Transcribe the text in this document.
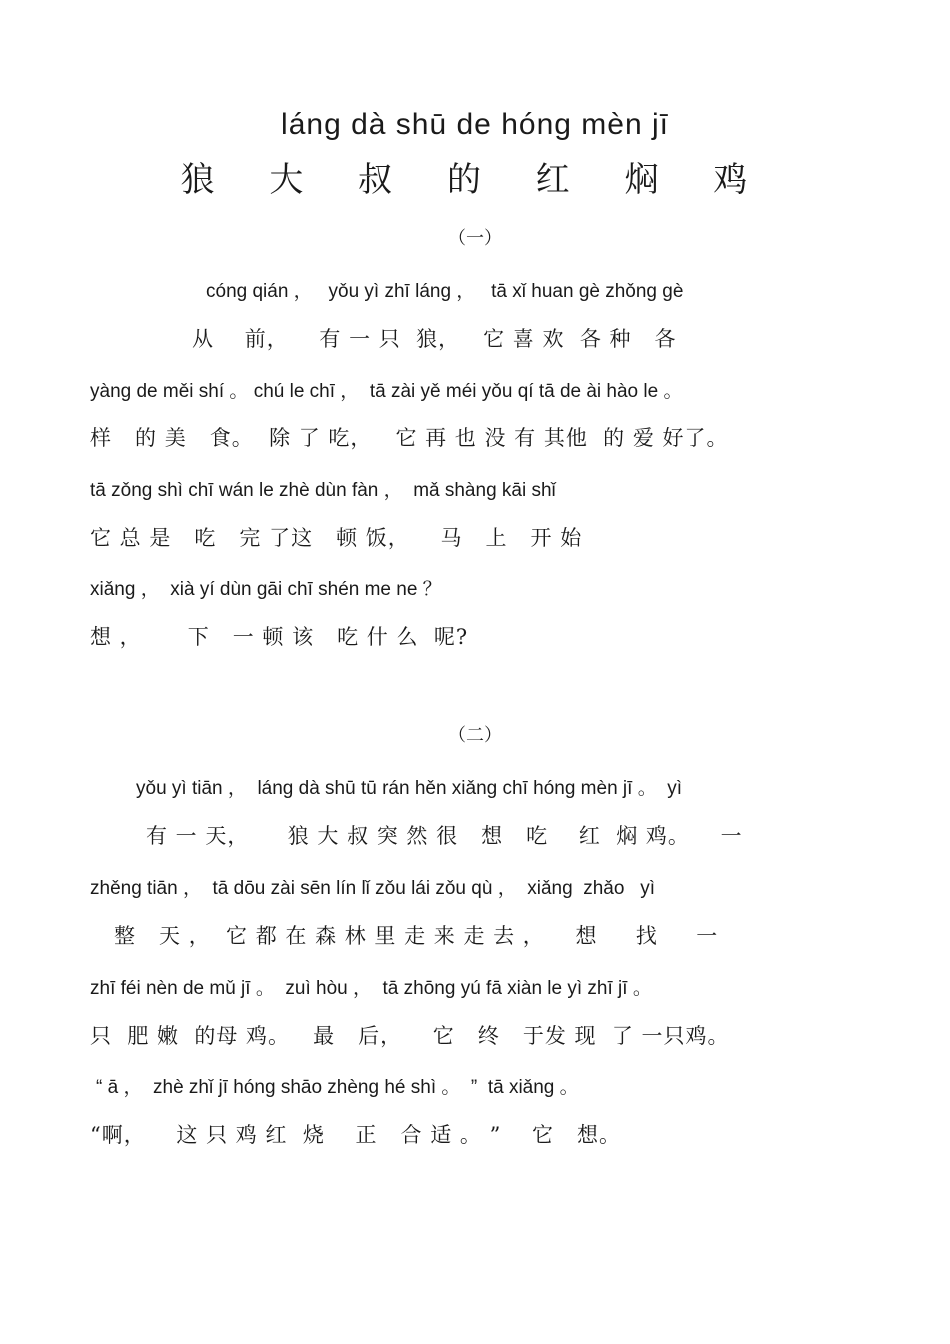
láng dà shū de hóng mèn jī
狼 大 叔 的 红 焖 鸡
（一）
cóng qián ，   yǒu yì zhī láng ，   tā xǐ huan gè zhǒng gè
从    前，    有 一 只  狼，   它 喜 欢  各 种   各
yàng de měi shí 。 chú le chī ，  tā zài yě méi yǒu qí tā de ài hào le 。
样   的 美   食。  除 了 吃，   它 再 也 没 有 其他  的 爱 好了。
tā zǒng shì chī wán le zhè dùn fàn ，  mǎ shàng kāi shǐ
它 总 是   吃   完 了这   顿 饭，    马   上   开 始
xiǎng ，  xià yí dùn gāi chī shén me ne ？
想 ，      下   一 顿 该   吃 什 么  呢?
（二）
yǒu yì tiān ，  láng dà shū tū rán hěn xiǎng chī hóng mèn jī 。  yì
有 一 天，     狼 大 叔 突 然 很   想   吃    红  焖 鸡。    一
zhěng tiān ，  tā dōu zài sēn lín lǐ zǒu lái zǒu qù ，  xiǎng  zhǎo   yì
整   天 ，  它 都 在 森 林 里 走 来 走 去 ，    想     找     一
zhī féi nèn de mǔ jī 。  zuì hòu ，  tā zhōng yú fā xiàn le yì zhī jī 。
只  肥 嫩  的母 鸡。   最   后，    它   终   于发 现  了 一只鸡。
“ ā ，  zhè zhǐ jī hóng shāo zhèng hé shì 。  ”  tā xiǎng 。
“啊，    这 只 鸡 红  烧    正   合 适 。 ”    它   想。
